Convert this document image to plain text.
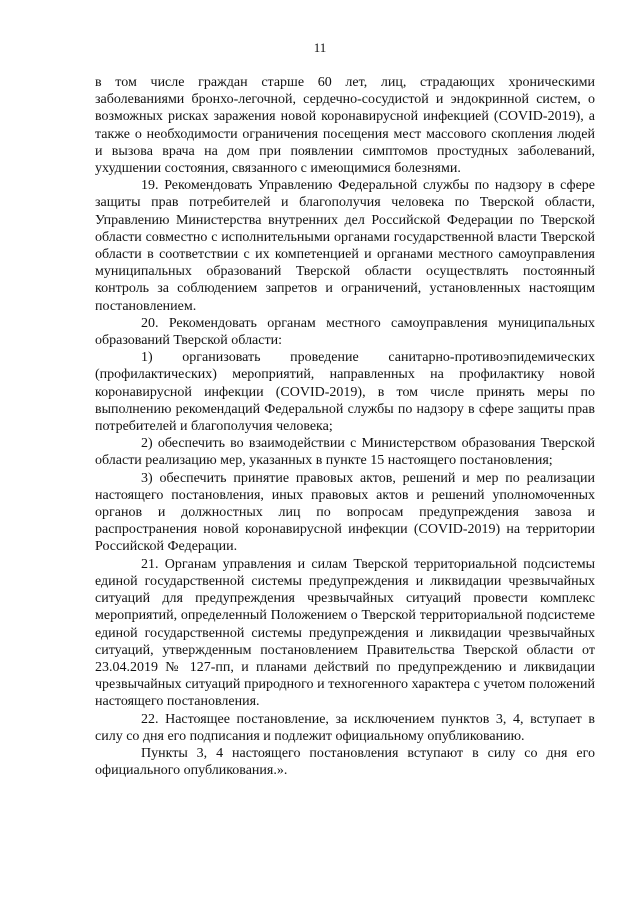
11

в том числе граждан старше 60 лет, лиц, страдающих хроническими заболеваниями бронхо-легочной, сердечно-сосудистой и эндокринной систем, о возможных рисках заражения новой коронавирусной инфекцией (COVID-2019), а также о необходимости ограничения посещения мест массового скопления людей и вызова врача на дом при появлении симптомов простудных заболеваний, ухудшении состояния, связанного с имеющимися болезнями.

19. Рекомендовать Управлению Федеральной службы по надзору в сфере защиты прав потребителей и благополучия человека по Тверской области, Управлению Министерства внутренних дел Российской Федерации по Тверской области совместно с исполнительными органами государственной власти Тверской области в соответствии с их компетенцией и органами местного самоуправления муниципальных образований Тверской области осуществлять постоянный контроль за соблюдением запретов и ограничений, установленных настоящим постановлением.

20. Рекомендовать органам местного самоуправления муниципальных образований Тверской области:

1) организовать проведение санитарно-противоэпидемических (профилактических) мероприятий, направленных на профилактику новой коронавирусной инфекции (COVID-2019), в том числе принять меры по выполнению рекомендаций Федеральной службы по надзору в сфере защиты прав потребителей и благополучия человека;

2) обеспечить во взаимодействии с Министерством образования Тверской области реализацию мер, указанных в пункте 15 настоящего постановления;

3) обеспечить принятие правовых актов, решений и мер по реализации настоящего постановления, иных правовых актов и решений уполномоченных органов и должностных лиц по вопросам предупреждения завоза и распространения новой коронавирусной инфекции (COVID-2019) на территории Российской Федерации.

21. Органам управления и силам Тверской территориальной подсистемы единой государственной системы предупреждения и ликвидации чрезвычайных ситуаций для предупреждения чрезвычайных ситуаций провести комплекс мероприятий, определенный Положением о Тверской территориальной подсистеме единой государственной системы предупреждения и ликвидации чрезвычайных ситуаций, утвержденным постановлением Правительства Тверской области от 23.04.2019 № 127-пп, и планами действий по предупреждению и ликвидации чрезвычайных ситуаций природного и техногенного характера с учетом положений настоящего постановления.

22. Настоящее постановление, за исключением пунктов 3, 4, вступает в силу со дня его подписания и подлежит официальному опубликованию.

Пункты 3, 4 настоящего постановления вступают в силу со дня его официального опубликования.».
